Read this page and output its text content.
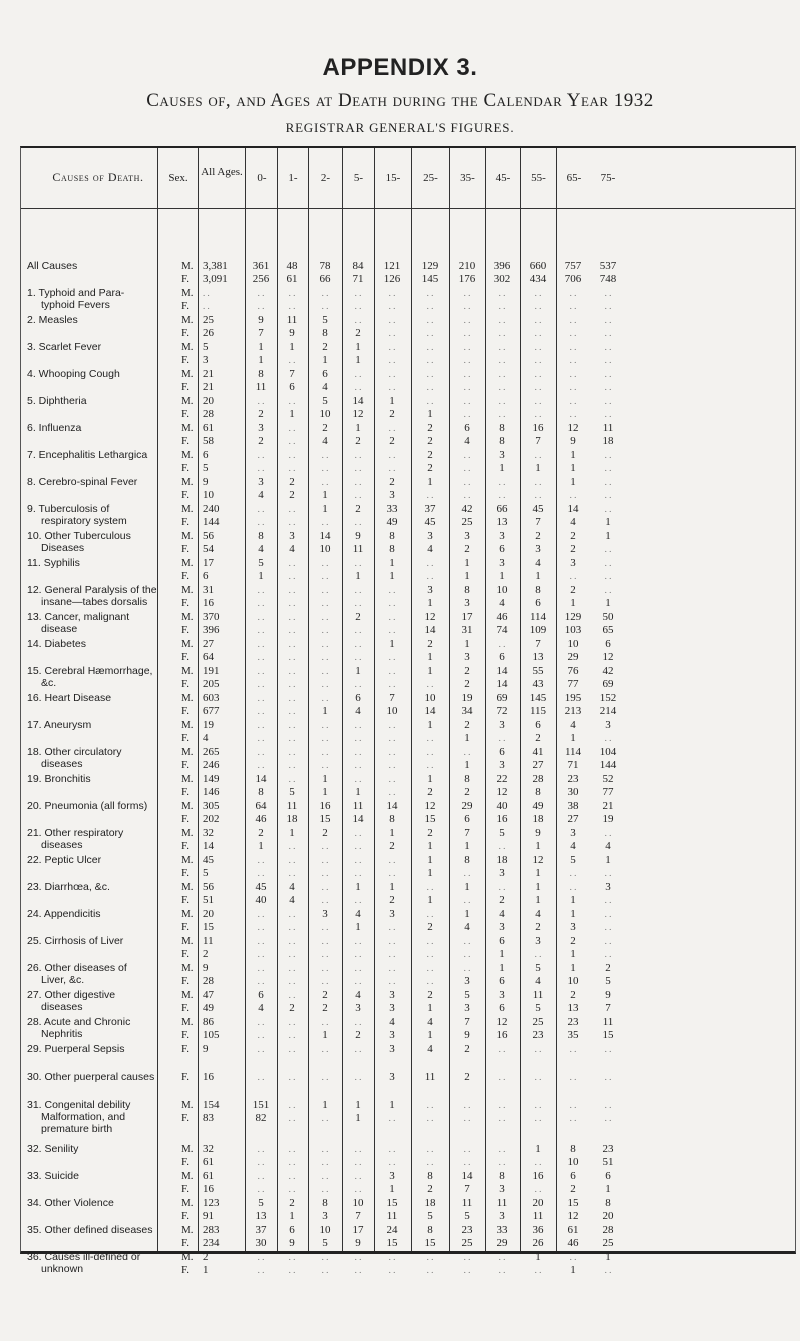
APPENDIX 3.
Causes of, and Ages at Death during the Calendar Year 1932
REGISTRAR GENERAL'S FIGURES.
Causes of Death.	Sex.	All Ages.	0-	1-	2-	5-	15-	25-	35-	45-	55-	65-	75-
All Causes	M. 3,381	361	48	78	84	121	129	210	396	660	757	537
F.	3,091	256	61	66	71	126	145	176	302	434	706	748
1. Typhoid and Para-
typhoid Fevers
M.	. .	. .	. .	. .	. .	. .	. .	. .	. .	. .	. .	. .
F.	. .	. .	. .	. .	. .	. .	. .	. .	. .	. .	. .	. .
2. Measles	M. 25	9	11	5	. .	. .	. .	. .	. .	. .	. .	. .
F.	26	7	9	8	2	. .	. .	. .	. .	. .	. .	. .
3. Scarlet Fever	M. 5	1	1	2	1	. .	. .	. .	. .	. .	. .	. .
F.	3	1	. .	1	1	. .	. .	. .	. .	. .	. .	. .
4. Whooping Cough	M. 21	8	7	6	. .	. .	. .	. .	. .	. .	. .	. .
F.	21	11	6	4	. .	. .	. .	. .	. .	. .	. .	. .
5. Diphtheria	M. 20	. .	. .	5	14	1	. .	. .	. .	. .	. .	. .
F.	28	2	1	10	12	2	1	. .	. .	. .	. .	. .
6. Influenza	M. 61	3	. .	2	1	. .	2	6	8	16	12	11
F.	58	2	. .	4	2	2	2	4	8	7	9	18
7. Encephalitis Lethargica	M. 6	. .	. .	. .	. .	. .	2	. .	3	. .	1	. .
F.	5	. .	. .	. .	. .	. .	2	. .	1	1	1	. .
8. Cerebro-spinal Fever	M. 9	3	2	. .	. .	2	1	. .	. .	. .	1	. .
F.	10	4	2	1	. .	3	. .	. .	. .	. .	. .	. .
9. Tuberculosis of
respiratory system
M. 240	. .	. .	1	2	33	37	42	66	45	14	. .
F.	144	. .	. .	. .	. .	49	45	25	13	7	4	1
10. Other Tuberculous
Diseases
M. 56	8	3	14	9	8	3	3	3	2	2	1
F.	54	4	4	10	11	8	4	2	6	3	2	. .
11. Syphilis	M. 17	5	. .	. .	. .	1	. .	1	3	4	3	. .
F.	6	1	. .	. .	1	1	. .	1	1	1	. .	. .
12. General Paralysis of the
insane—tabes dorsalis
M. 31	. .	. .	. .	. .	. .	3	8	10	8	2	. .
F.	16	. .	. .	. .	. .	. .	1	3	4	6	1	1
13. Cancer, malignant
disease
M. 370	. .	. .	. .	2	. .	12	17	46	114	129	50
F.	396	. .	. .	. .	. .	. .	14	31	74	109	103	65
14. Diabetes	M. 27	. .	. .	. .	. .	1	2	1	. .	7	10	6
F.	64	. .	. .	. .	. .	. .	1	3	6	13	29	12
15. Cerebral Hæmorrhage,
&c.
M. 191	. .	. .	. .	1	. .	1	2	14	55	76	42
F.	205	. .	. .	. .	. .	. .	. .	2	14	43	77	69
16. Heart Disease	M. 603	. .	. .	. .	6	7	10	19	69	145	195	152
F.	677	. .	. .	1	4	10	14	34	72	115	213	214
17. Aneurysm	M. 19	. .	. .	. .	. .	. .	1	2	3	6	4	3
F.	4	. .	. .	. .	. .	. .	. .	1	. .	2	1	. .
18. Other circulatory
diseases
M. 265	. .	. .	. .	. .	. .	. .	. .	6	41	114	104
F.	246	. .	. .	. .	. .	. .	. .	1	3	27	71	144
19. Bronchitis	M. 149	14	. .	1	. .	. .	1	8	22	28	23	52
F.	146	8	5	1	1	. .	2	2	12	8	30	77
20. Pneumonia (all forms)	M. 305	64	11	16	11	14	12	29	40	49	38	21
F.	202	46	18	15	14	8	15	6	16	18	27	19
21. Other respiratory
diseases
M. 32	2	1	2	. .	1	2	7	5	9	3	. .
F.	14	1	. .	. .	. .	2	1	1	. .	1	4	4
22. Peptic Ulcer	M. 45	. .	. .	. .	. .	. .	1	8	18	12	5	1
F.	5	. .	. .	. .	. .	. .	1	. .	3	1	. .	. .
23. Diarrhœa, &c.	M. 56	45	4	. .	1	1	. .	1	. .	1	. .	3
F.	51	40	4	. .	. .	2	1	. .	2	1	1	. .
24. Appendicitis	M. 20	. .	. .	3	4	3	. .	1	4	4	1	. .
F.	15	. .	. .	. .	1	. .	2	4	3	2	3	. .
25. Cirrhosis of Liver	M. 11	. .	. .	. .	. .	. .	. .	. .	6	3	2	. .
F.	2	. .	. .	. .	. .	. .	. .	. .	1	. .	1	. .
26. Other diseases of
Liver, &c.
M. 9	. .	. .	. .	. .	. .	. .	. .	1	5	1	2
F.	28	. .	. .	. .	. .	. .	. .	3	6	4	10	5
27. Other digestive
diseases
M. 47	6	. .	2	4	3	2	5	3	11	2	9
F.	49	4	2	2	3	3	1	3	6	5	13	7
28. Acute and Chronic
Nephritis
M. 86	. .	. .	. .	. .	4	4	7	12	25	23	11
F.	105	. .	. .	1	2	3	1	9	16	23	35	15
29. Puerperal Sepsis	F.	9	. .	. .	. .	. .	3	4	2	. .	. .	. .	. .
30. Other puerperal causes	F.	16	. .	. .	. .	. .	3	11	2	. .	. .	. .	. .
31. Congenital debility
Malformation, and
premature birth
M. 154	151	. .	1	1	1	. .	. .	. .	. .	. .	. .
F.	83	82	. .	. .	1	. .	. .	. .	. .	. .	. .	. .
32. Senility	M. 32	. .	. .	. .	. .	. .	. .	. .	. .	1	8	23
F.	61	. .	. .	. .	. .	. .	. .	. .	. .	. .	10	51
33. Suicide	M. 61	. .	. .	. .	. .	3	8	14	8	16	6	6
F.	16	. .	. .	. .	. .	1	2	7	3	. .	2	1
34. Other Violence	M. 123	5	2	8	10	15	18	11	11	20	15	8
F.	91	13	1	3	7	11	5	5	3	11	12	20
35. Other defined diseases	M. 283	37	6	10	17	24	8	23	33	36	61	28
F.	234	30	9	5	9	15	15	25	29	26	46	25
36. Causes ill-defined or
unknown
M. 2	. .	. .	. .	. .	. .	. .	. .	. .	1	. .	1
F.	1	. .	. .	. .	. .	. .	. .	. .	. .	. .	1	. .
